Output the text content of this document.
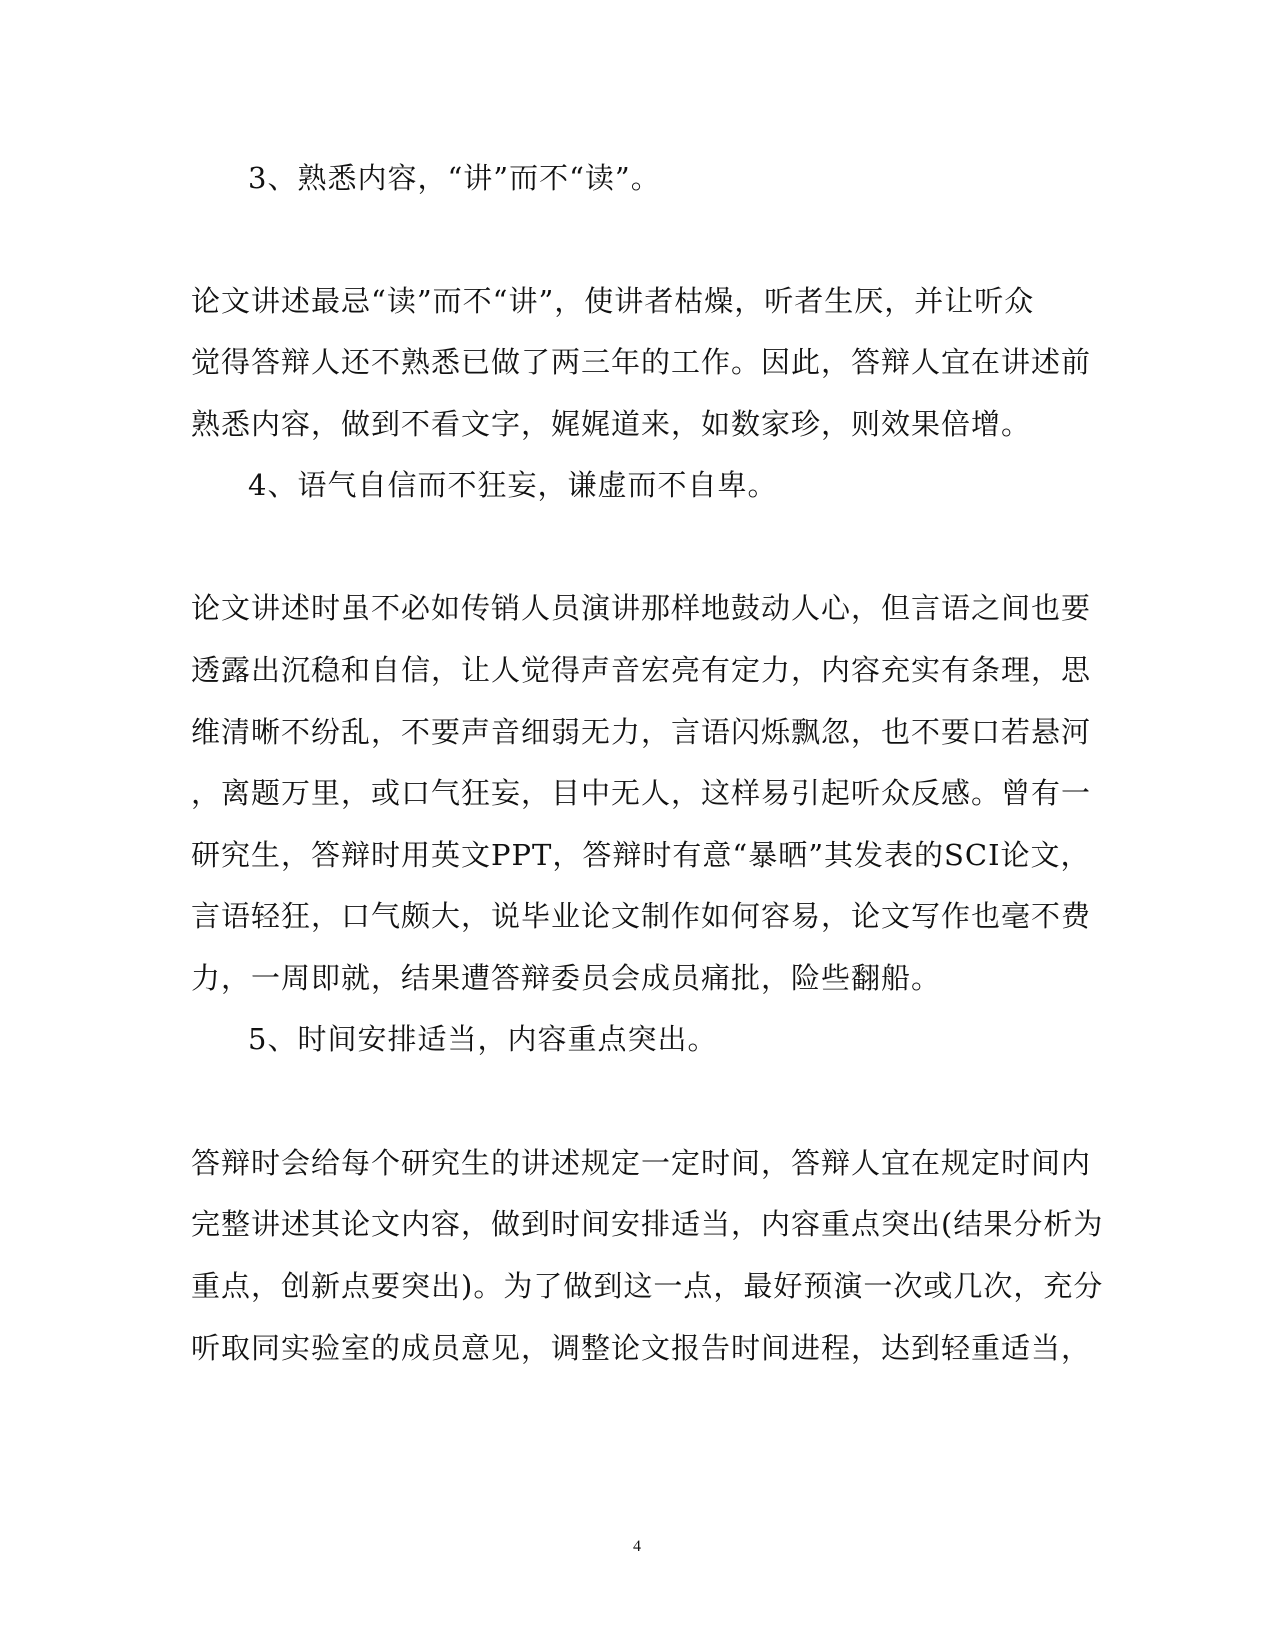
3、熟悉内容，“讲”而不“读”。
论文讲述最忌“读”而不“讲”，使讲者枯燥，听者生厌，并让听众
觉得答辩人还不熟悉已做了两三年的工作。因此，答辩人宜在讲述前
熟悉内容，做到不看文字，娓娓道来，如数家珍，则效果倍增。
4、语气自信而不狂妄，谦虚而不自卑。
论文讲述时虽不必如传销人员演讲那样地鼓动人心，但言语之间也要
透露出沉稳和自信，让人觉得声音宏亮有定力，内容充实有条理，思
维清晰不纷乱，不要声音细弱无力，言语闪烁飘忽，也不要口若悬河
，离题万里，或口气狂妄，目中无人，这样易引起听众反感。曾有一
研究生，答辩时用英文PPT，答辩时有意“暴晒”其发表的SCI论文，
言语轻狂，口气颇大，说毕业论文制作如何容易，论文写作也毫不费
力，一周即就，结果遭答辩委员会成员痛批，险些翻船。
5、时间安排适当，内容重点突出。
答辩时会给每个研究生的讲述规定一定时间，答辩人宜在规定时间内
完整讲述其论文内容，做到时间安排适当，内容重点突出(结果分析为
重点，创新点要突出)。为了做到这一点，最好预演一次或几次，充分
听取同实验室的成员意见，调整论文报告时间进程，达到轻重适当，
4
